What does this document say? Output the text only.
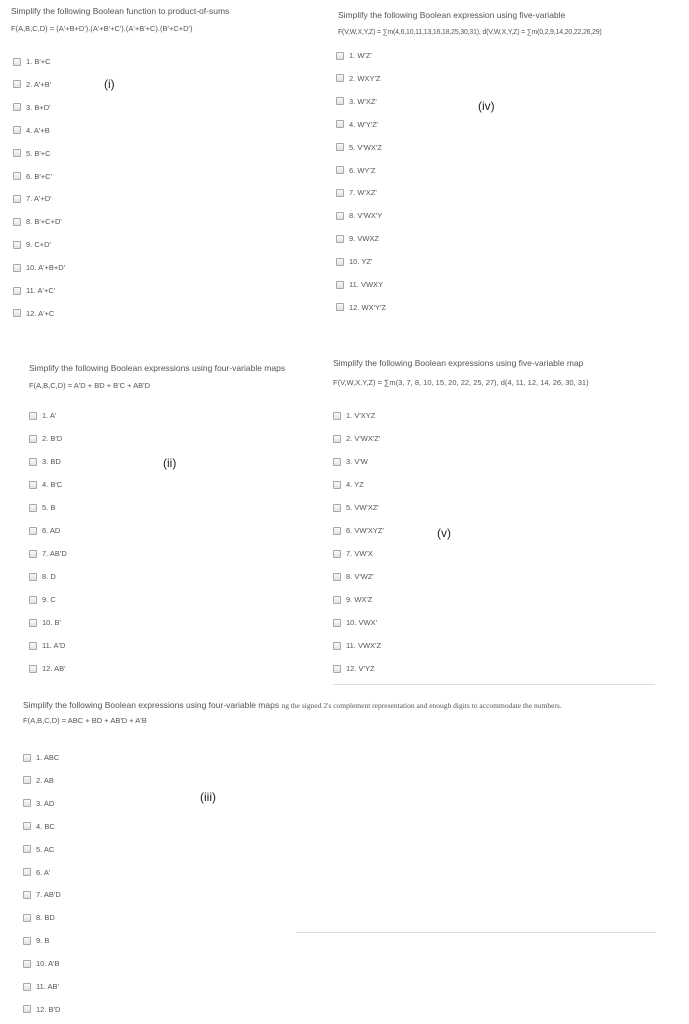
Simplify the following Boolean function to product-of-sums
F(A,B,C,D) = (A'+B+D').(A'+B'+C').(A'+B'+C).(B'+C+D')
(i)
1. B'+C
2. A'+B'
3. B+D'
4. A'+B
5. B'+C
6. B'+C'
7. A'+D'
8. B'+C+D'
9. C+D'
10. A'+B+D'
11. A'+C'
12. A'+C
Simplify the following Boolean expression using five-variable
F(V,W,X,Y,Z) = ∑m(4,6,10,11,13,16,18,25,30,31), d(V,W,X,Y,Z) = ∑m(0,2,9,14,20,22,26,29)
(iv)
1. W'Z'
2. WXY'Z
3. W'XZ'
4. W'Y'Z'
5. V'WX'Z
6. WY'Z
7. W'XZ'
8. V'WX'Y
9. VWXZ
10. YZ'
11. VWXY
12. WX'Y'Z
Simplify the following Boolean expressions using four-variable maps
F(A,B,C,D) = A'D + BD + B'C + AB'D
(ii)
1. A'
2. B'D
3. BD
4. B'C
5. B
6. AD
7. AB'D
8. D
9. C
10. B'
11. A'D
12. AB'
Simplify the following Boolean expressions using five-variable map
F(V,W,X,Y,Z) = ∑m(3, 7, 8, 10, 15, 20, 22, 25, 27), d(4, 11, 12, 14, 26, 30, 31)
(v)
1. V'XYZ
2. V'WX'Z'
3. V'W
4. YZ
5. VW'XZ'
6. VW'XYZ'
7. VW'X
8. V'WZ'
9. WX'Z
10. VWX'
11. VWX'Z
12. V'YZ
Simplify the following Boolean expressions using four-variable maps ng the signed 2's complement representation and enough digits to accommodate the numbers.
F(A,B,C,D) = ABC + BD + AB'D + A'B
(iii)
1. ABC
2. AB
3. AD
4. BC
5. AC
6. A'
7. AB'D
8. BD
9. B
10. A'B
11. AB'
12. B'D
